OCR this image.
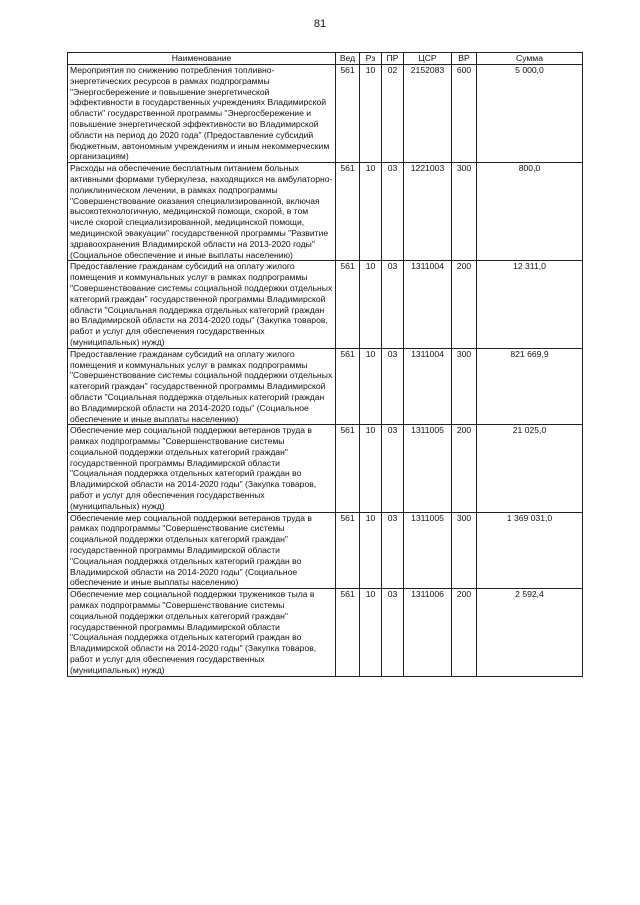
81
Наименование	Вед	Рз	ПР	ЦСР	ВР	Сумма
Мероприятия по снижению потребления топливно-энергетических ресурсов в рамках подпрограммы "Энергосбережение и повышение энергетической эффективности в государственных учреждениях Владимирской области" государственной программы "Энергосбережение и повышение энергетической эффективности во Владимирской области на период до 2020 года" (Предоставление субсидий бюджетным, автономным учреждениям и иным некоммерческим организациям)	561	10	02	2152083	600	5 000,0
Расходы на обеспечение бесплатным питанием больных активными формами туберкулеза, находящихся на амбулаторно-поликлиническом лечении, в рамках подпрограммы "Совершенствование оказания специализированной, включая высокотехнологичную, медицинской помощи, скорой, в том числе скорой специализированной, медицинской помощи, медицинской эвакуации" государственной программы "Развитие здравоохранения Владимирской области на 2013-2020 годы" (Социальное обеспечение и иные выплаты населению)	561	10	03	1221003	300	800,0
Предоставление гражданам субсидий на оплату жилого помещения и коммунальных услуг в рамках подпрограммы "Совершенствование системы социальной поддержки отдельных категорий граждан" государственной программы Владимирской области "Социальная поддержка отдельных категорий граждан во Владимирской области на 2014-2020 годы" (Закупка товаров, работ и услуг для обеспечения государственных (муниципальных) нужд)	561	10	03	1311004	200	12 311,0
Предоставление гражданам субсидий на оплату жилого помещения и коммунальных услуг в рамках подпрограммы "Совершенствование системы социальной поддержки отдельных категорий граждан" государственной программы Владимирской области "Социальная поддержка отдельных категорий граждан во Владимирской области на 2014-2020 годы" (Социальное обеспечение и иные выплаты населению)	561	10	03	1311004	300	821 669,9
Обеспечение мер социальной поддержки ветеранов труда в рамках подпрограммы "Совершенствование системы социальной поддержки отдельных категорий граждан" государственной программы Владимирской области "Социальная поддержка отдельных категорий граждан во Владимирской области на 2014-2020 годы" (Закупка товаров, работ и услуг для обеспечения государственных (муниципальных) нужд)	561	10	03	1311005	200	21 025,0
Обеспечение мер социальной поддержки ветеранов труда в рамках подпрограммы "Совершенствование системы социальной поддержки отдельных категорий граждан" государственной программы Владимирской области "Социальная поддержка отдельных категорий граждан во Владимирской области на 2014-2020 годы" (Социальное обеспечение и иные выплаты населению)	561	10	03	1311005	300	1 369 031,0
Обеспечение мер социальной поддержки тружеников тыла в рамках подпрограммы "Совершенствование системы социальной поддержки отдельных категорий граждан" государственной программы Владимирской области "Социальная поддержка отдельных категорий граждан во Владимирской области на 2014-2020 годы" (Закупка товаров, работ и услуг для обеспечения государственных (муниципальных) нужд)	561	10	03	1311006	200	2 592,4
